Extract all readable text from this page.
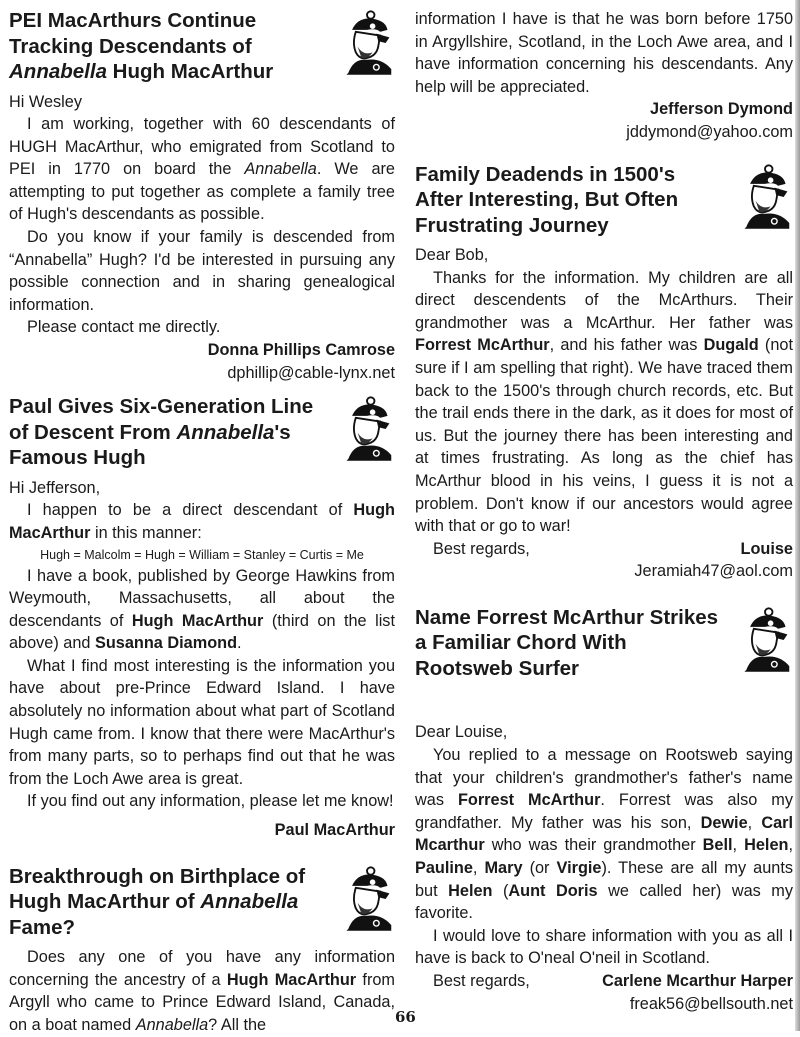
PEI MacArthurs Continue Tracking Descendants of Annabella Hugh MacArthur

Hi Wesley

I am working, together with 60 descendants of HUGH MacArthur, who emigrated from Scotland to PEI in 1770 on board the Annabella. We are attempting to put together as complete a family tree of Hugh's descendants as possible.

Do you know if your family is descended from “Annabella” Hugh? I'd be interested in pursuing any possible connection and in sharing genealogical information.

Please contact me directly.

Donna Phillips Camrose
dphillip@cable-lynx.net
Paul Gives Six-Generation Line of Descent From Annabella's Famous Hugh

Hi Jefferson,

I happen to be a direct descendant of Hugh MacArthur in this manner:

Hugh = Malcolm = Hugh = William = Stanley = Curtis = Me

I have a book, published by George Hawkins from Weymouth, Massachusetts, all about the descendants of Hugh MacArthur (third on the list above) and Susanna Diamond.

What I find most interesting is the information you have about pre-Prince Edward Island. I have absolutely no information about what part of Scotland Hugh came from. I know that there were MacArthur's from many parts, so to perhaps find out that he was from the Loch Awe area is great.

If you find out any information, please let me know!

Paul MacArthur
Breakthrough on Birthplace of Hugh MacArthur of Annabella Fame?

Does any one of you have any information concerning the ancestry of a Hugh MacArthur from Argyll who came to Prince Edward Island, Canada, on a boat named Annabella? All the

information I have is that he was born before 1750 in Argyllshire, Scotland, in the Loch Awe area, and I have information concerning his descendants. Any help will be appreciated.

Jefferson Dymond
jddymond@yahoo.com
Family Deadends in 1500's After Interesting, But Often Frustrating Journey

Dear Bob,

Thanks for the information. My children are all direct descendents of the McArthurs. Their grandmother was a McArthur. Her father was Forrest McArthur, and his father was Dugald (not sure if I am spelling that right). We have traced them back to the 1500's through church records, etc. But the trail ends there in the dark, as it does for most of us. But the journey there has been interesting and at times frustrating. As long as the chief has McArthur blood in his veins, I guess it is not a problem. Don't know if our ancestors would agree with that or go to war!

Best regards,	Louise
Jeramiah47@aol.com
Name Forrest McArthur Strikes a Familiar Chord With Rootsweb Surfer

Dear Louise,

You replied to a message on Rootsweb saying that your children's grandmother's father's name was Forrest McArthur. Forrest was also my grandfather. My father was his son, Dewie, Carl Mcarthur who was their grandmother Bell, Helen, Pauline, Mary (or Virgie). These are all my aunts but Helen (Aunt Doris we called her) was my favorite.

I would love to share information with you as all I have is back to O'neal O'neil in Scotland.

Best regards,	Carlene Mcarthur Harper
freak56@bellsouth.net
66
